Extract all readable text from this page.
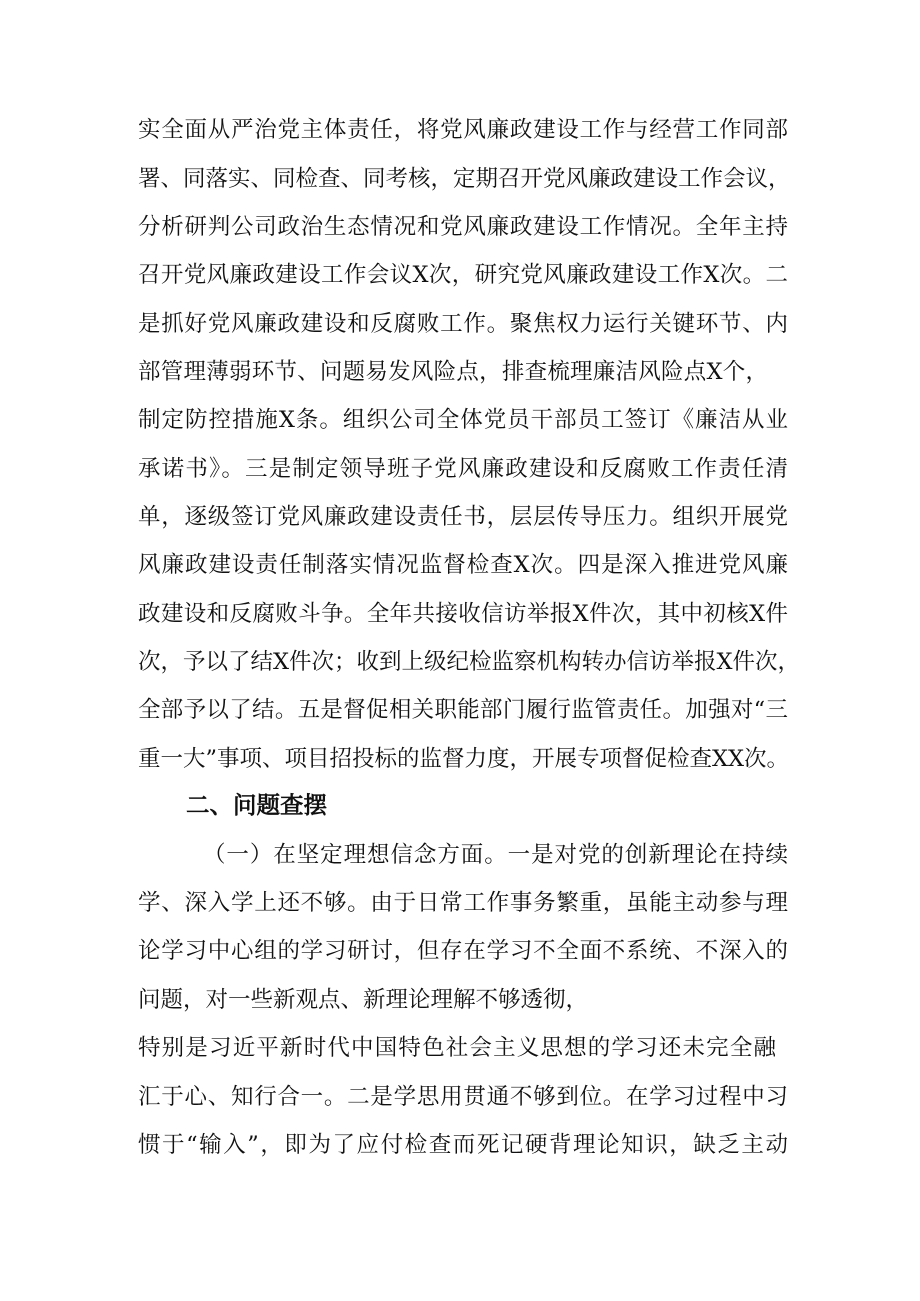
实全面从严治党主体责任，将党风廉政建设工作与经营工作同部
署、同落实、同检查、同考核，定期召开党风廉政建设工作会议，
分析研判公司政治生态情况和党风廉政建设工作情况。全年主持
召开党风廉政建设工作会议X次，研究党风廉政建设工作X次。二
是抓好党风廉政建设和反腐败工作。聚焦权力运行关键环节、内
部管理薄弱环节、问题易发风险点，排查梳理廉洁风险点X个，
制定防控措施X条。组织公司全体党员干部员工签订《廉洁从业
承诺书》。三是制定领导班子党风廉政建设和反腐败工作责任清
单，逐级签订党风廉政建设责任书，层层传导压力。组织开展党
风廉政建设责任制落实情况监督检查X次。四是深入推进党风廉
政建设和反腐败斗争。全年共接收信访举报X件次，其中初核X件
次，予以了结X件次；收到上级纪检监察机构转办信访举报X件次，
全部予以了结。五是督促相关职能部门履行监管责任。加强对“三
重一大”事项、项目招投标的监督力度，开展专项督促检查XX次。
二、问题查摆
（一）在坚定理想信念方面。一是对党的创新理论在持续
学、深入学上还不够。由于日常工作事务繁重，虽能主动参与理
论学习中心组的学习研讨，但存在学习不全面不系统、不深入的
问题，对一些新观点、新理论理解不够透彻，
特别是习近平新时代中国特色社会主义思想的学习还未完全融
汇于心、知行合一。二是学思用贯通不够到位。在学习过程中习
惯于“输入”，即为了应付检查而死记硬背理论知识，缺乏主动
